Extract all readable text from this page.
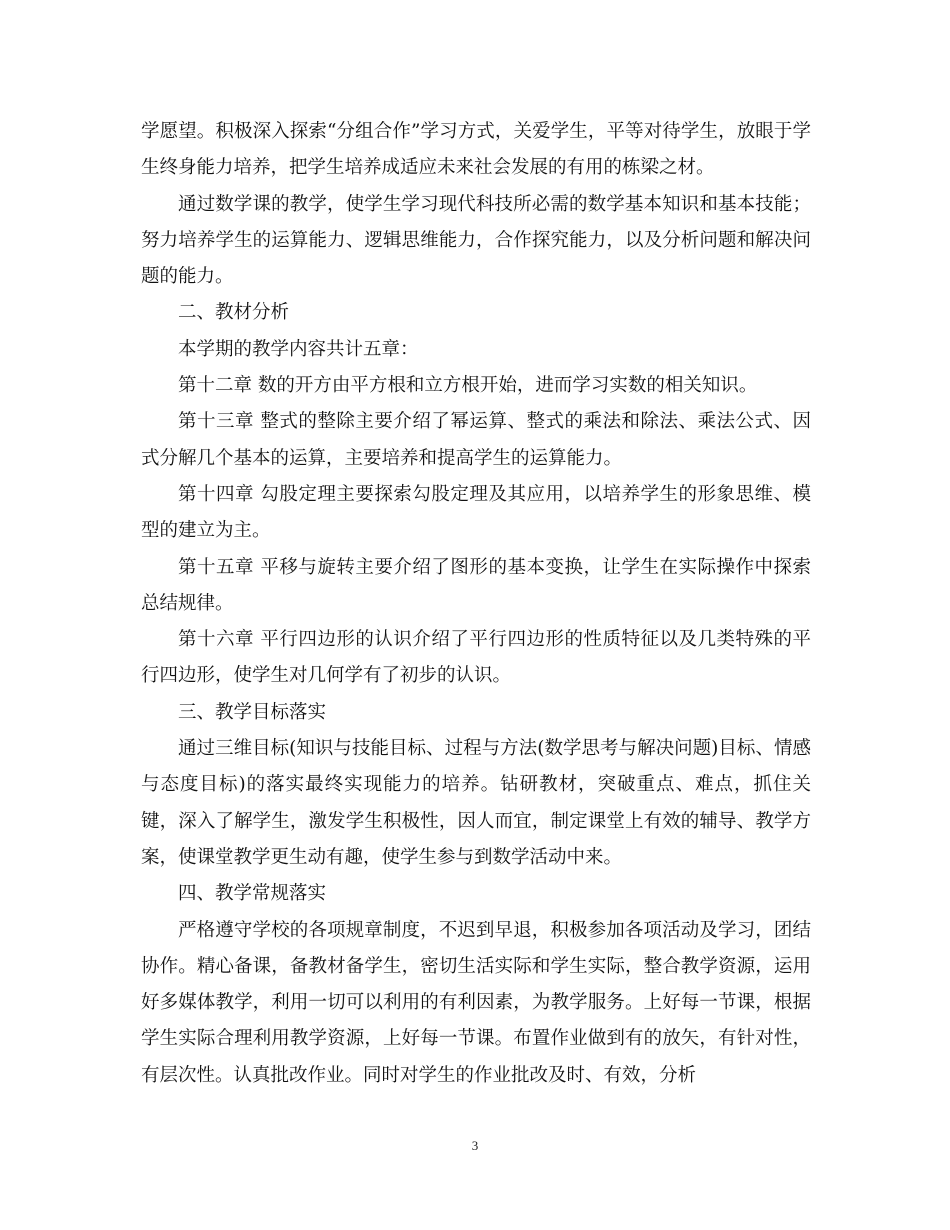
学愿望。积极深入探索“分组合作”学习方式，关爱学生，平等对待学生，放眼于学生终身能力培养，把学生培养成适应未来社会发展的有用的栋梁之材。

通过数学课的教学，使学生学习现代科技所必需的数学基本知识和基本技能；努力培养学生的运算能力、逻辑思维能力，合作探究能力，以及分析问题和解决问题的能力。

二、教材分析

本学期的教学内容共计五章：

第十二章 数的开方由平方根和立方根开始，进而学习实数的相关知识。

第十三章 整式的整除主要介绍了幂运算、整式的乘法和除法、乘法公式、因式分解几个基本的运算，主要培养和提高学生的运算能力。

第十四章 勾股定理主要探索勾股定理及其应用，以培养学生的形象思维、模型的建立为主。

第十五章 平移与旋转主要介绍了图形的基本变换，让学生在实际操作中探索总结规律。

第十六章 平行四边形的认识介绍了平行四边形的性质特征以及几类特殊的平行四边形，使学生对几何学有了初步的认识。

三、教学目标落实

通过三维目标(知识与技能目标、过程与方法(数学思考与解决问题)目标、情感与态度目标)的落实最终实现能力的培养。钻研教材，突破重点、难点，抓住关键，深入了解学生，激发学生积极性，因人而宜，制定课堂上有效的辅导、教学方案，使课堂教学更生动有趣，使学生参与到数学活动中来。

四、教学常规落实

严格遵守学校的各项规章制度，不迟到早退，积极参加各项活动及学习，团结协作。精心备课，备教材备学生，密切生活实际和学生实际，整合教学资源，运用好多媒体教学，利用一切可以利用的有利因素，为教学服务。上好每一节课，根据学生实际合理利用教学资源，上好每一节课。布置作业做到有的放矢，有针对性，有层次性。认真批改作业。同时对学生的作业批改及时、有效，分析

3
